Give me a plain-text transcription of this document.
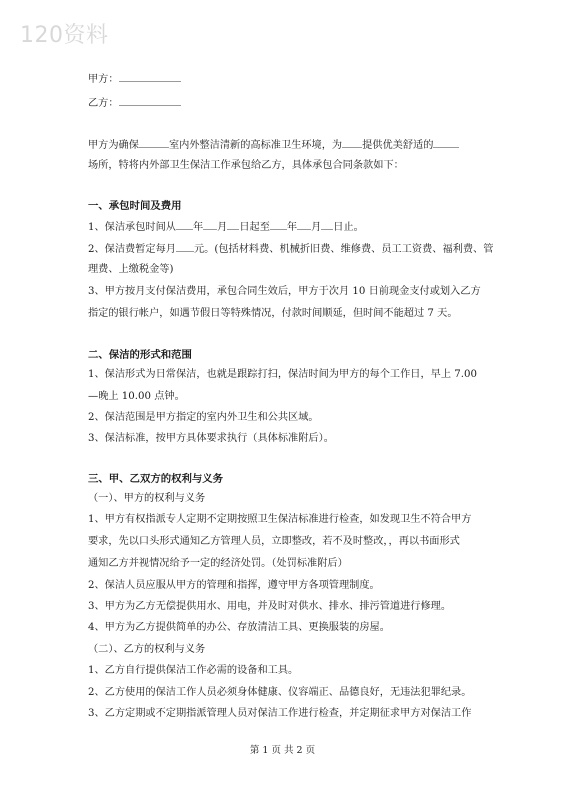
120资料
甲方：
乙方：
甲方为确保	室内外整洁清新的高标准卫生环境，为 提供优美舒适的
场所，特将内外部卫生保洁工作承包给乙方，具体承包合同条款如下：
一、承包时间及费用
1、保洁承包时间从 年 月 日起至 年 月 日止。
2、保洁费暂定每月 元。(包括材料费、机械折旧费、维修费、员工工资费、福利费、管
理费、上缴税金等)
3、甲方按月支付保洁费用，承包合同生效后，甲方于次月 10 日前现金支付或划入乙方
指定的银行帐户，如遇节假日等特殊情况，付款时间顺延，但时间不能超过 7 天。
二、保洁的形式和范围
1、保洁形式为日常保洁，也就是跟踪打扫，保洁时间为甲方的每个工作日，早上 7.00
—晚上 10.00 点钟。
2、保洁范围是甲方指定的室内外卫生和公共区域。
3、保洁标准，按甲方具体要求执行（具体标准附后）。
三、甲、乙双方的权利与义务
（一）、甲方的权利与义务
1、甲方有权指派专人定期不定期按照卫生保洁标准进行检查，如发现卫生不符合甲方
要求，先以口头形式通知乙方管理人员，立即整改，若不及时整改，，再以书面形式
通知乙方并视情况给予一定的经济处罚。（处罚标准附后）
2、保洁人员应服从甲方的管理和指挥，遵守甲方各项管理制度。
3、甲方为乙方无偿提供用水、用电，并及时对供水、排水、排污管道进行修理。
4、甲方为乙方提供简单的办公、存放清洁工具、更换服装的房屋。
（二）、乙方的权利与义务
1、乙方自行提供保洁工作必需的设备和工具。
2、乙方使用的保洁工作人员必须身体健康、仪容端正、品德良好，无违法犯罪纪录。
3、乙方定期或不定期指派管理人员对保洁工作进行检查，并定期征求甲方对保洁工作
第 1 页 共 2 页
